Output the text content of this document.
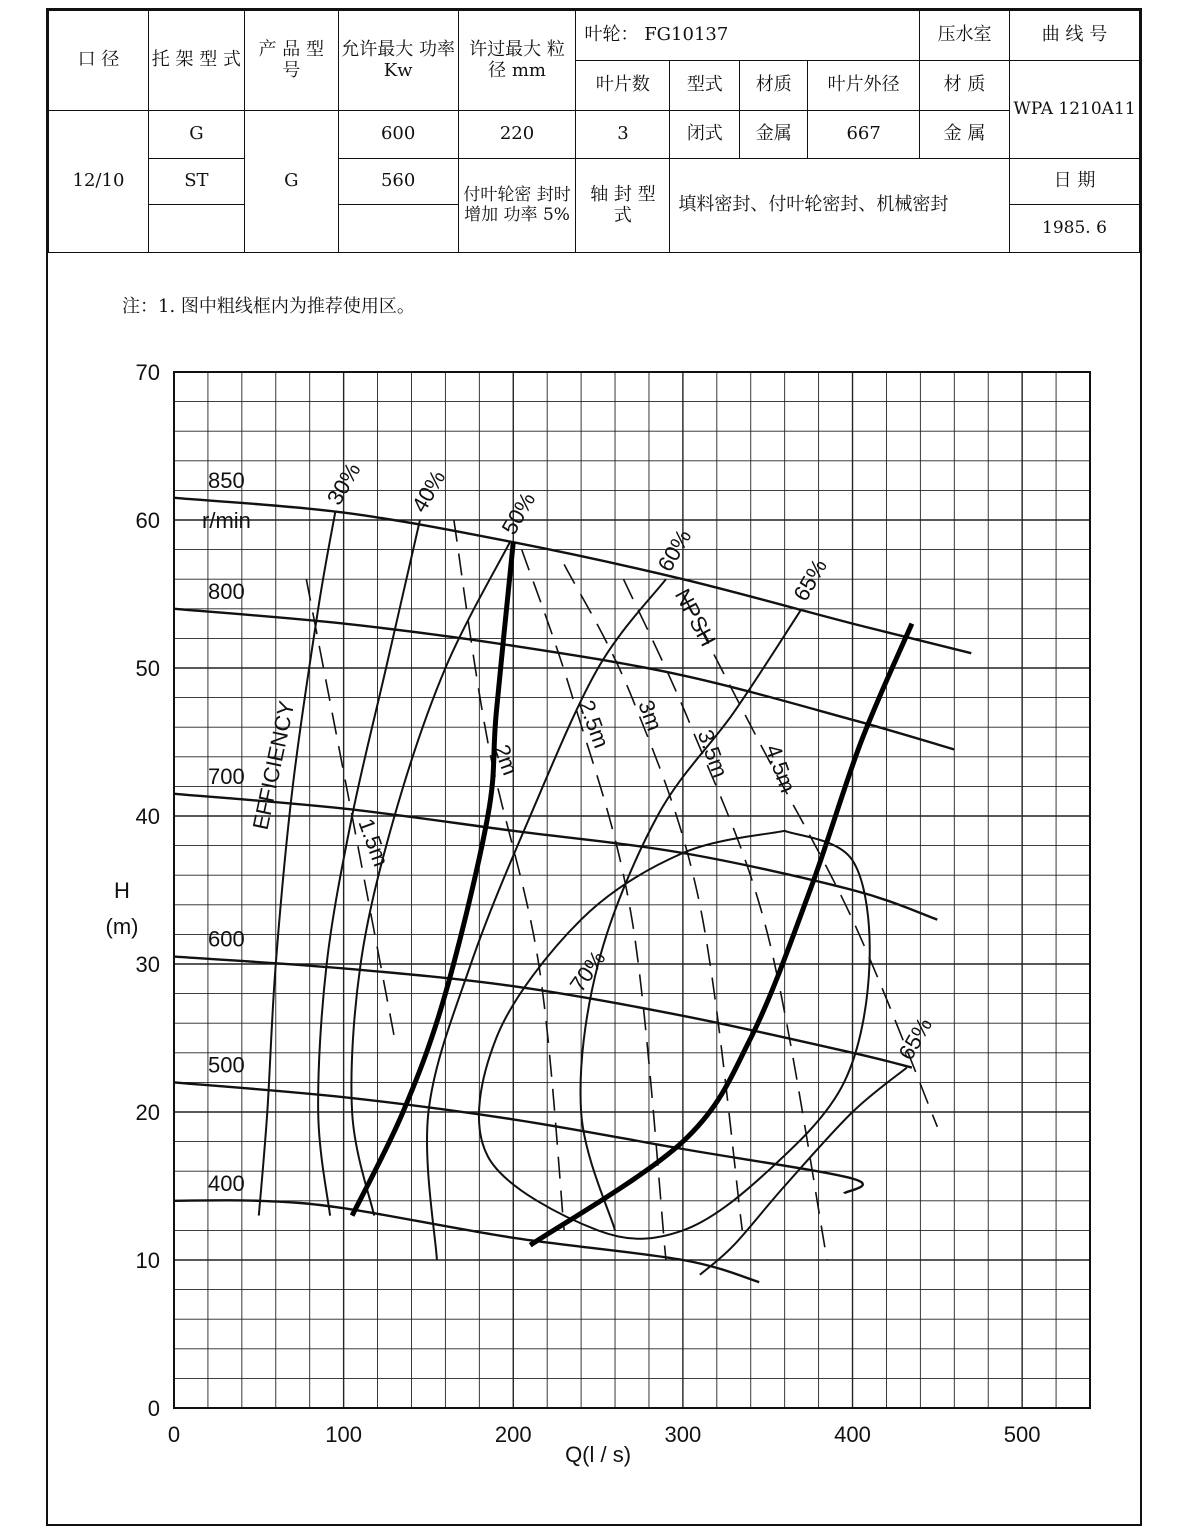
口 径	托 架 型 式	产 品 型 号	允许最大 功率 Kw	许过最大 粒径 mm	叶轮： FG10137				压水室	曲 线 号
					叶片数	型式	材质	叶片外径	材 质	WPA 1210A11
12/10	G	G	600	220	3	闭式	金属	667	金 属	
	ST		560	付叶轮密 封时增加 功率 5%	轴 封 型 式	填料密封、付叶轮密封、机械密封				日 期
										1985. 6
注：1. 图中粗线框内为推荐使用区。
0	100	200	300	400	500
0
10
20
30
40
50
60
70
Q(l / s)
H
(m)
850
800
700
600
500
400
r/min
30% 40% 50%
60%
65%
65%
70%
EFFICIENCY
1.5m
2m
2.5m 3m
3.5m 4.5m
NPSH
